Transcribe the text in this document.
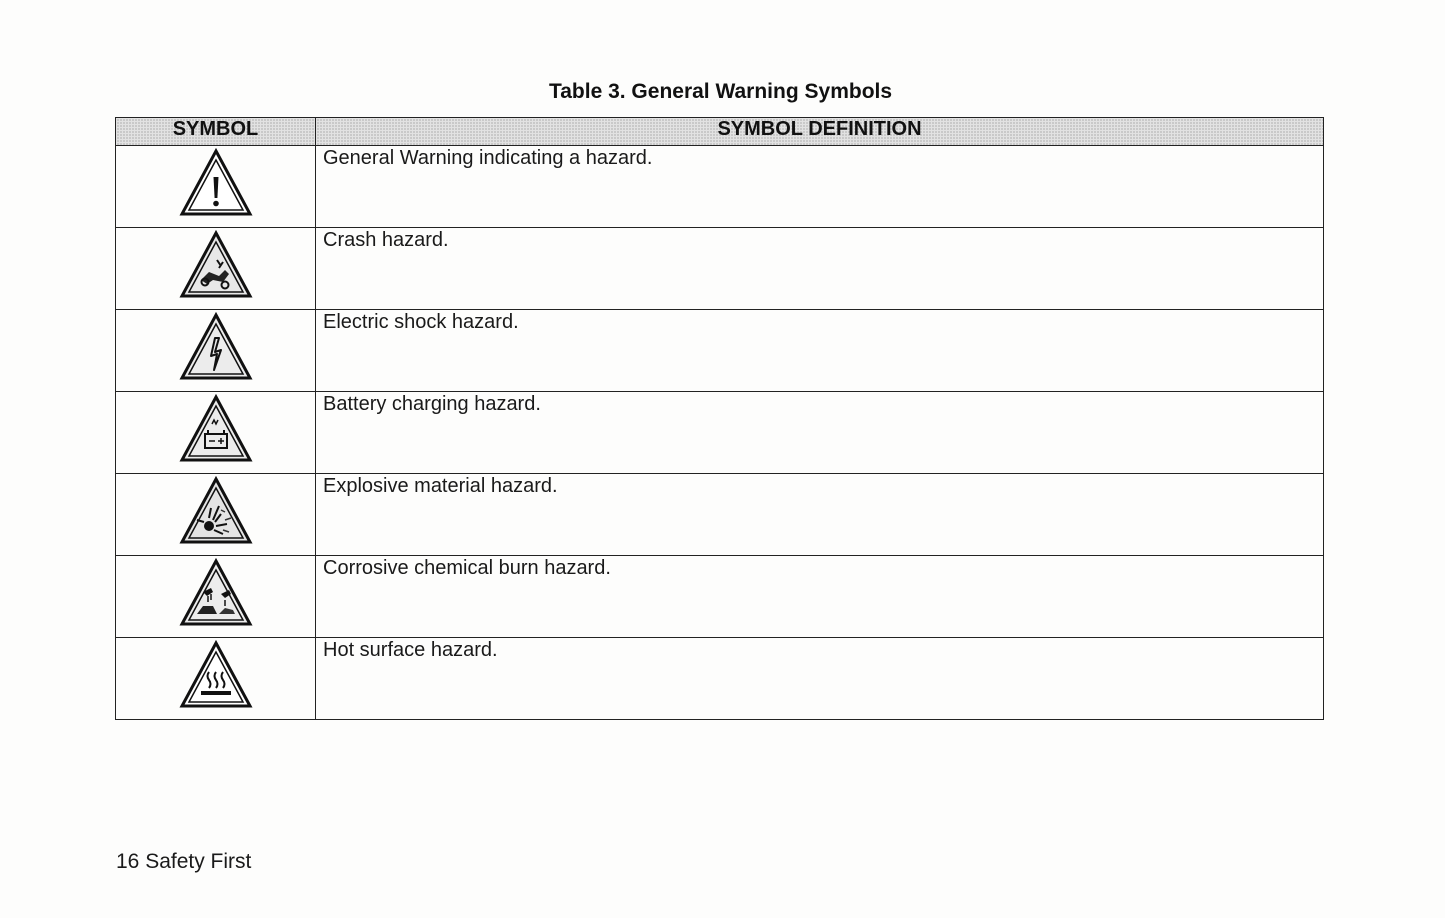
Table 3. General Warning Symbols
SYMBOL	SYMBOL DEFINITION

	General Warning indicating a hazard.

	Crash hazard.

	Electric shock hazard.

	Battery charging hazard.

	Explosive material hazard.

	Corrosive chemical burn hazard.

	Hot surface hazard.
16 Safety First
